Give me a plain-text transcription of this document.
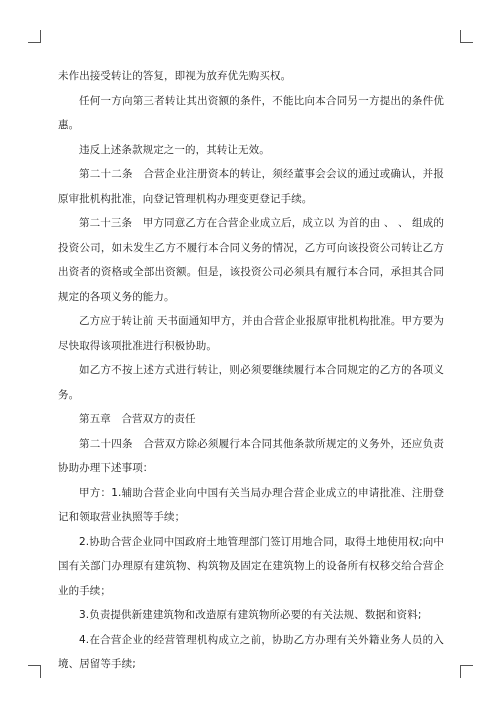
未作出接受转让的答复，即视为放弃优先购买权。

任何一方向第三者转让其出资额的条件，不能比向本合同另一方提出的条件优惠。

违反上述条款规定之一的，其转让无效。

第二十二条　合营企业注册资本的转让，须经董事会会议的通过或确认，并报原审批机构批准，向登记管理机构办理变更登记手续。

第二十三条　甲方同意乙方在合营企业成立后，成立以 为首的由 、 、 组成的投资公司，如未发生乙方不履行本合同义务的情况，乙方可向该投资公司转让乙方出资者的资格或全部出资额。但是，该投资公司必须具有履行本合同，承担其合同规定的各项义务的能力。

乙方应于转让前 天书面通知甲方，并由合营企业报原审批机构批准。甲方要为尽快取得该项批准进行积极协助。

如乙方不按上述方式进行转让，则必须要继续履行本合同规定的乙方的各项义务。

第五章　合营双方的责任

第二十四条　合营双方除必须履行本合同其他条款所规定的义务外，还应负责协助办理下述事项：

甲方：1.辅助合营企业向中国有关当局办理合营企业成立的申请批准、注册登记和领取营业执照等手续；

2.协助合营企业同中国政府土地管理部门签订用地合同，取得土地使用权;向中国有关部门办理原有建筑物、构筑物及固定在建筑物上的设备所有权移交给合营企业的手续；

3.负责提供新建建筑物和改造原有建筑物所必要的有关法规、数据和资料;

4.在合营企业的经营管理机构成立之前，协助乙方办理有关外籍业务人员的入境、居留等手续;
